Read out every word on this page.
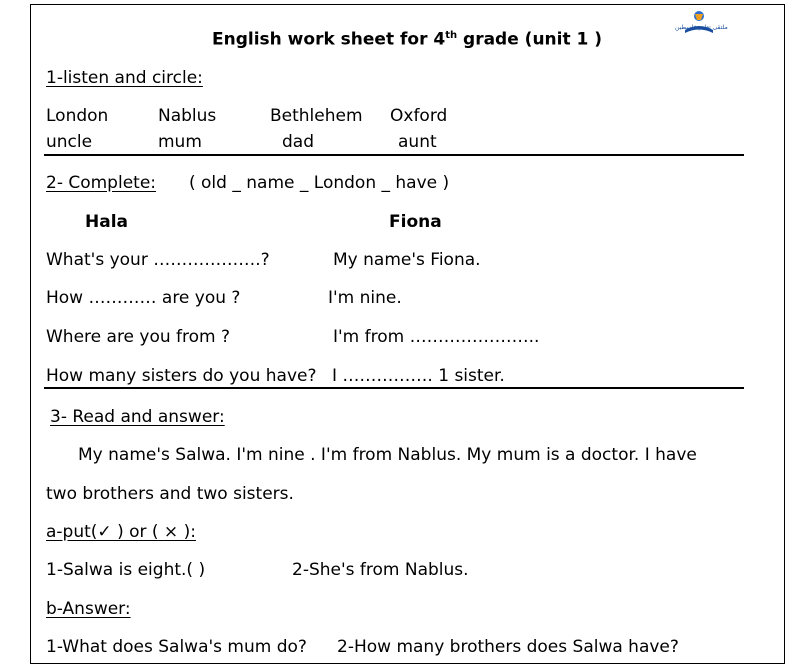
English work sheet for 4th grade (unit 1 )
ملتقى تعليم فلسطين
1-listen and circle:
London	Nablus	Bethlehem Oxford
uncle	mum	dad	aunt
2- Complete: ( old _ name _ London _ have )
Hala	Fiona
What's your ……………….?	My name's Fiona.
How ………… are you ?	I'm nine.
Where are you from ?	I'm from …………………..
How many sisters do you have? I ……………. 1 sister.
3- Read and answer:
My name's Salwa. I'm nine . I'm from Nablus. My mum is a doctor. I have
two brothers and two sisters.
a-put(✓ ) or ( × ):
1-Salwa is eight.( )	2-She's from Nablus.
b-Answer:
1-What does Salwa's mum do? 2-How many brothers does Salwa have?
